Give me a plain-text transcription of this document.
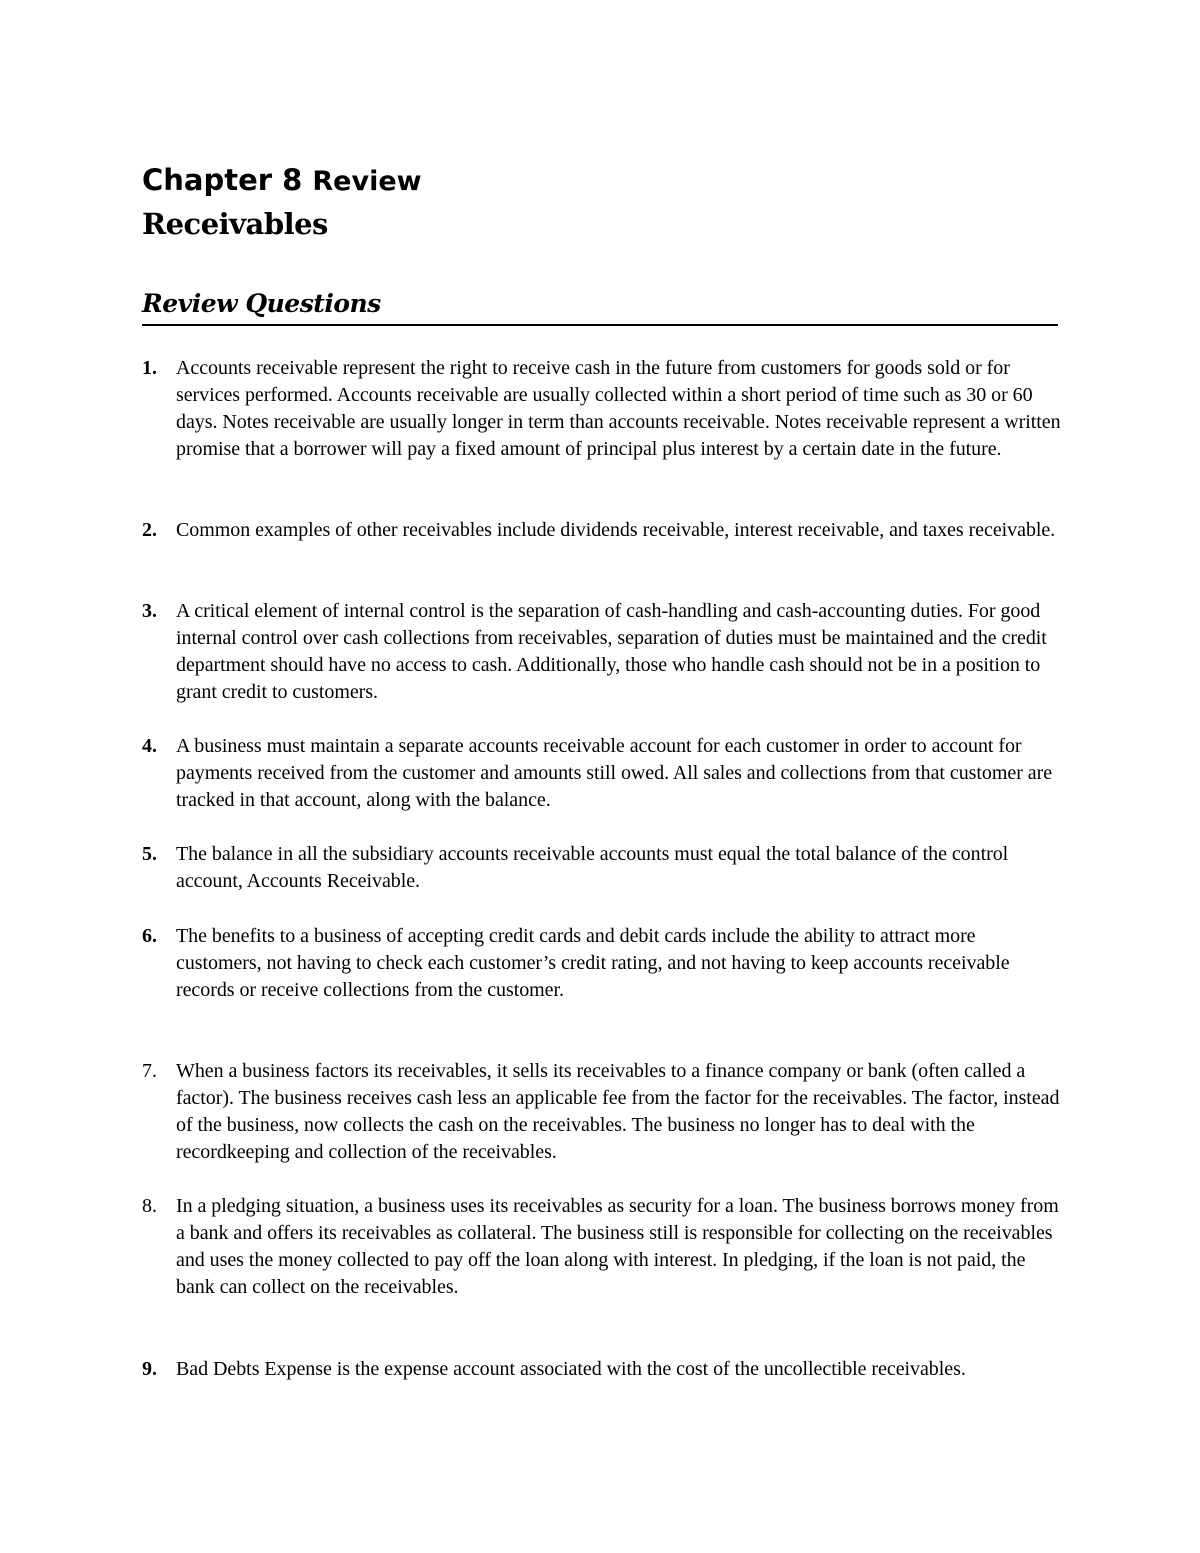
Chapter 8 Review
Receivables
Review Questions
1. Accounts receivable represent the right to receive cash in the future from customers for goods sold or for services performed. Accounts receivable are usually collected within a short period of time such as 30 or 60 days. Notes receivable are usually longer in term than accounts receivable. Notes receivable represent a written promise that a borrower will pay a fixed amount of principal plus interest by a certain date in the future.
2. Common examples of other receivables include dividends receivable, interest receivable, and taxes receivable.
3. A critical element of internal control is the separation of cash-handling and cash-accounting duties. For good internal control over cash collections from receivables, separation of duties must be maintained and the credit department should have no access to cash. Additionally, those who handle cash should not be in a position to grant credit to customers.
4. A business must maintain a separate accounts receivable account for each customer in order to account for payments received from the customer and amounts still owed. All sales and collections from that customer are tracked in that account, along with the balance.
5. The balance in all the subsidiary accounts receivable accounts must equal the total balance of the control account, Accounts Receivable.
6. The benefits to a business of accepting credit cards and debit cards include the ability to attract more customers, not having to check each customer’s credit rating, and not having to keep accounts receivable records or receive collections from the customer.
7. When a business factors its receivables, it sells its receivables to a finance company or bank (often called a factor). The business receives cash less an applicable fee from the factor for the receivables. The factor, instead of the business, now collects the cash on the receivables. The business no longer has to deal with the recordkeeping and collection of the receivables.
8. In a pledging situation, a business uses its receivables as security for a loan. The business borrows money from a bank and offers its receivables as collateral. The business still is responsible for collecting on the receivables and uses the money collected to pay off the loan along with interest. In pledging, if the loan is not paid, the bank can collect on the receivables.
9. Bad Debts Expense is the expense account associated with the cost of the uncollectible receivables.
